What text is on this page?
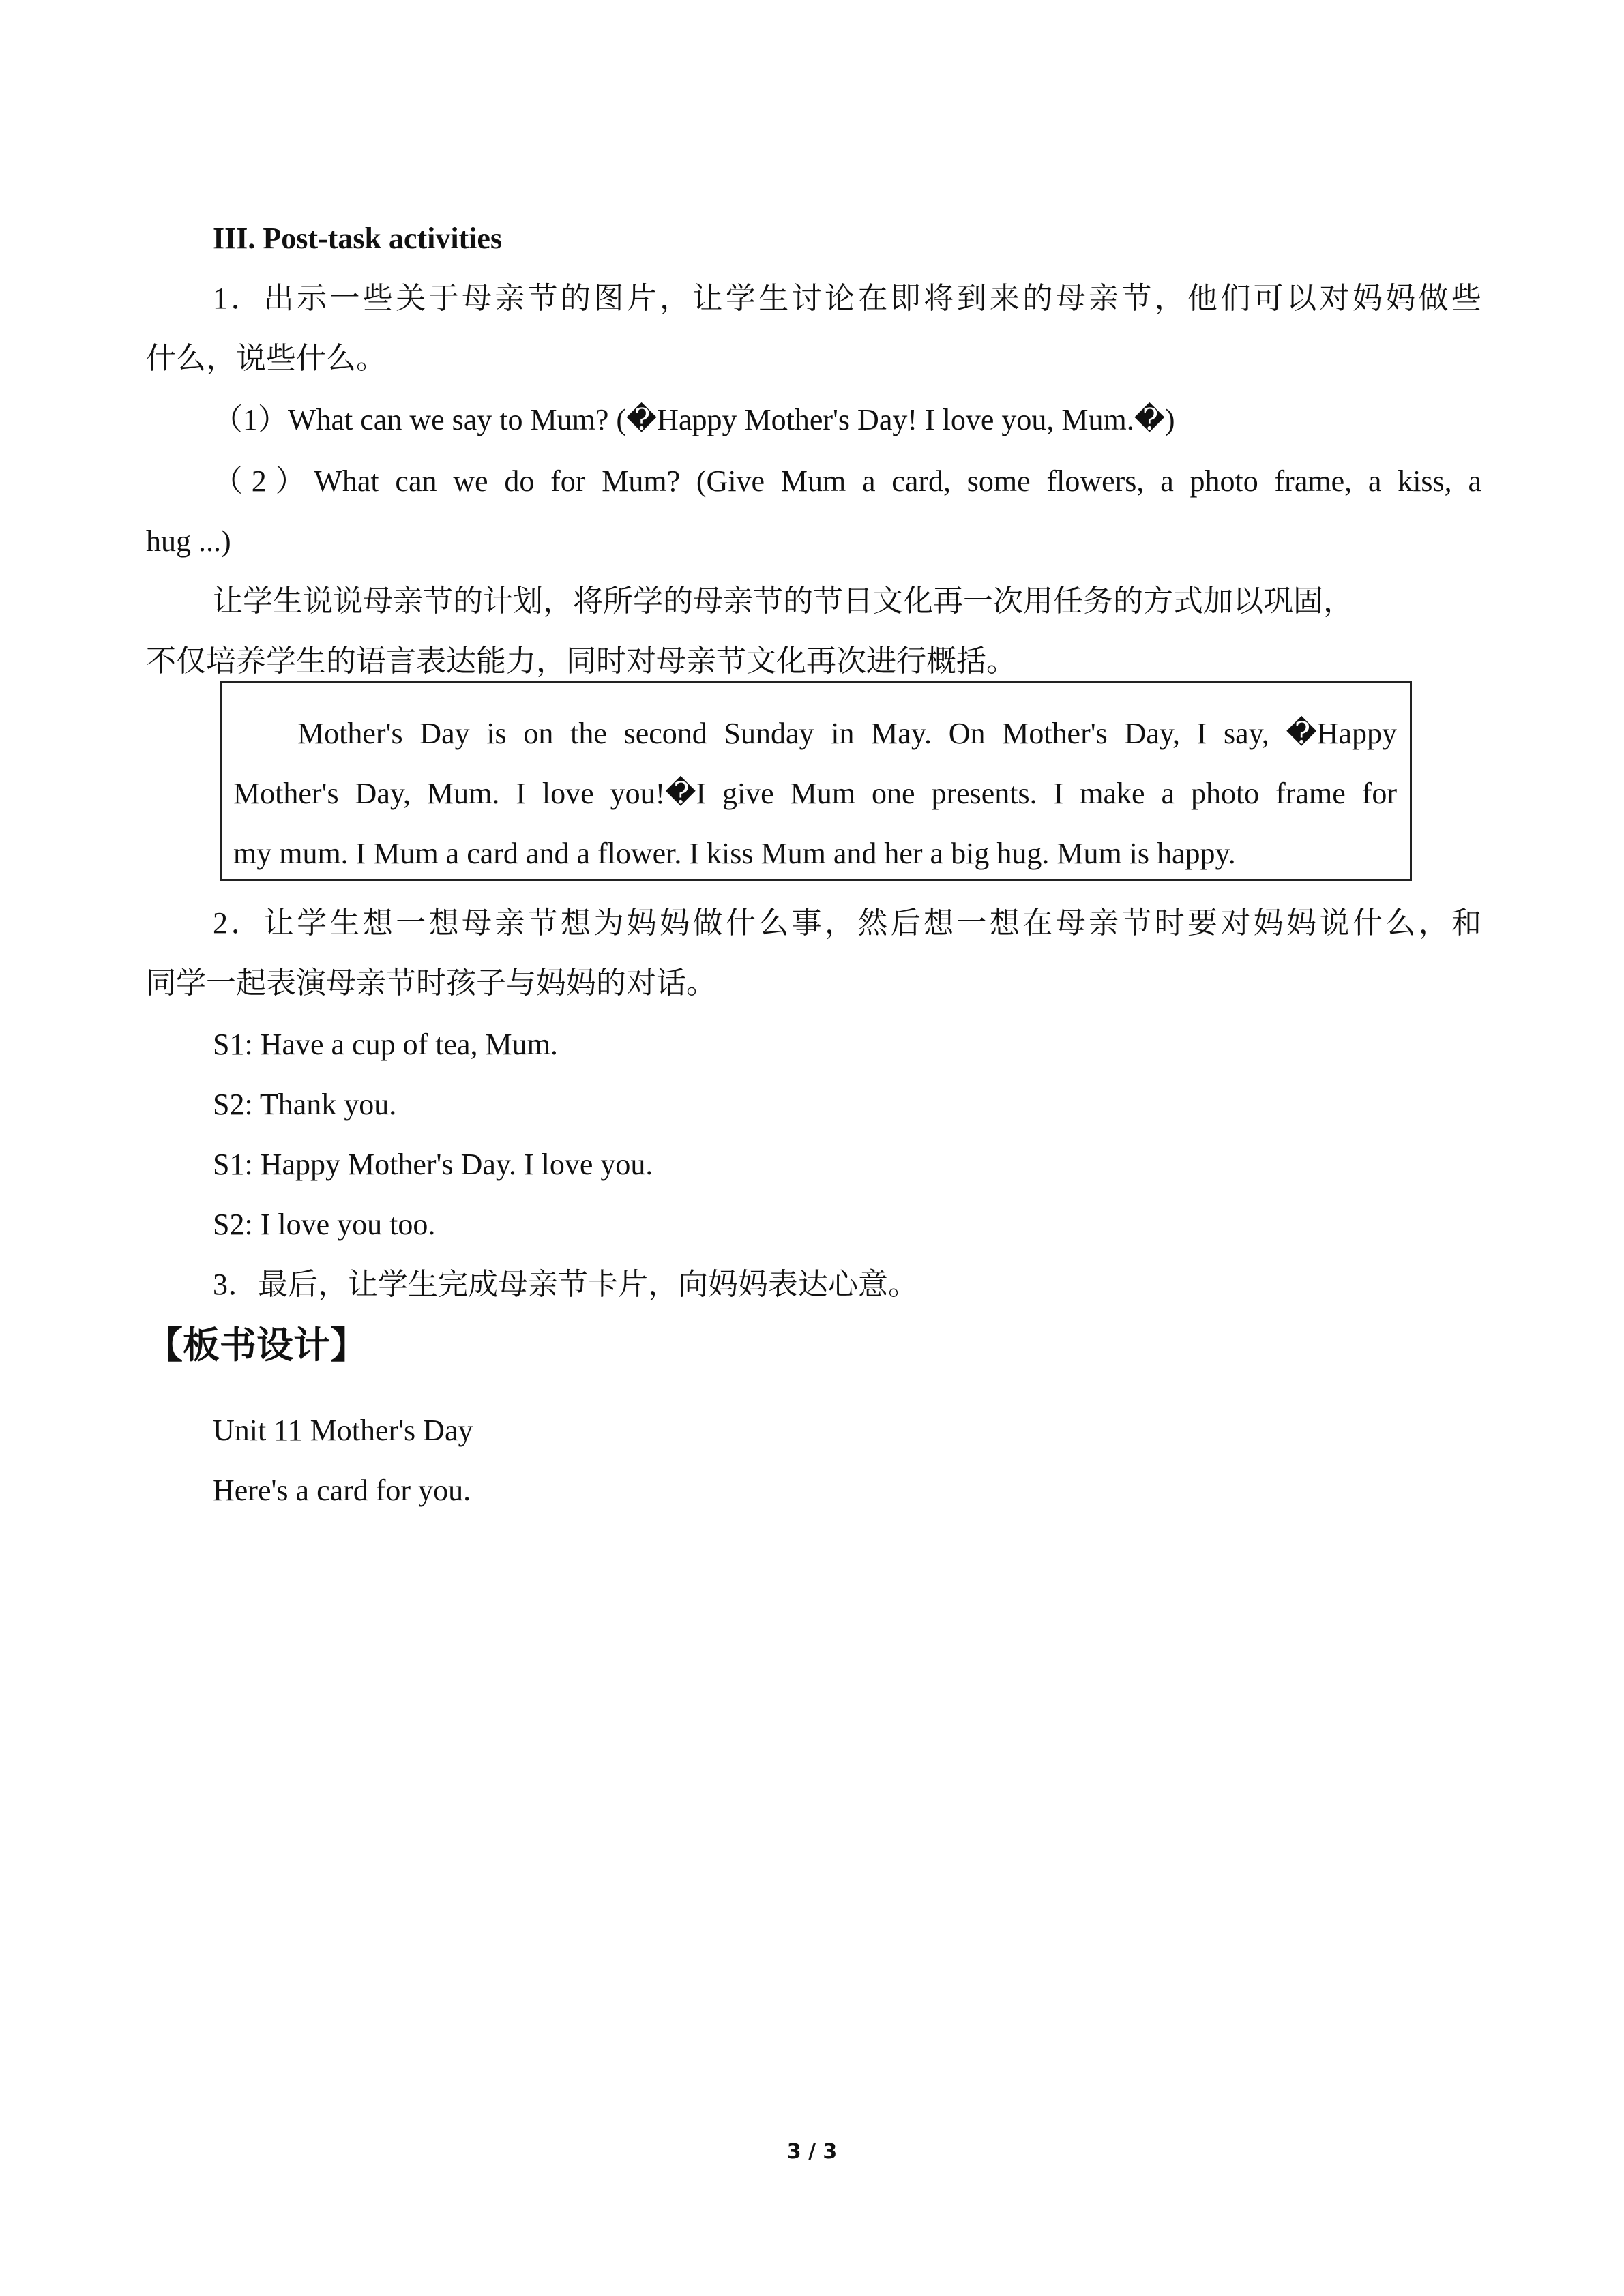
III. Post-task activities
1．出示一些关于母亲节的图片，让学生讨论在即将到来的母亲节，他们可以对妈妈做些
什么，说些什么。
（1）What can we say to Mum? (�Happy Mother's Day! I love you, Mum.�)
（2）What can we do for Mum? (Give Mum a card, some flowers, a photo frame, a kiss, a
hug ...)
让学生说说母亲节的计划，将所学的母亲节的节日文化再一次用任务的方式加以巩固，
不仅培养学生的语言表达能力，同时对母亲节文化再次进行概括。
Mother's Day is on the second Sunday in May. On Mother's Day, I say, �Happy
Mother's Day, Mum. I love you!�I give Mum one presents. I make a photo frame for
my mum. I Mum a card and a flower. I kiss Mum and her a big hug. Mum is happy.
2．让学生想一想母亲节想为妈妈做什么事，然后想一想在母亲节时要对妈妈说什么，和
同学一起表演母亲节时孩子与妈妈的对话。
S1: Have a cup of tea, Mum.
S2: Thank you.
S1: Happy Mother's Day. I love you.
S2: I love you too.
3．最后，让学生完成母亲节卡片，向妈妈表达心意。
【板书设计】
Unit 11 Mother's Day
Here's a card for you.
3 / 3
